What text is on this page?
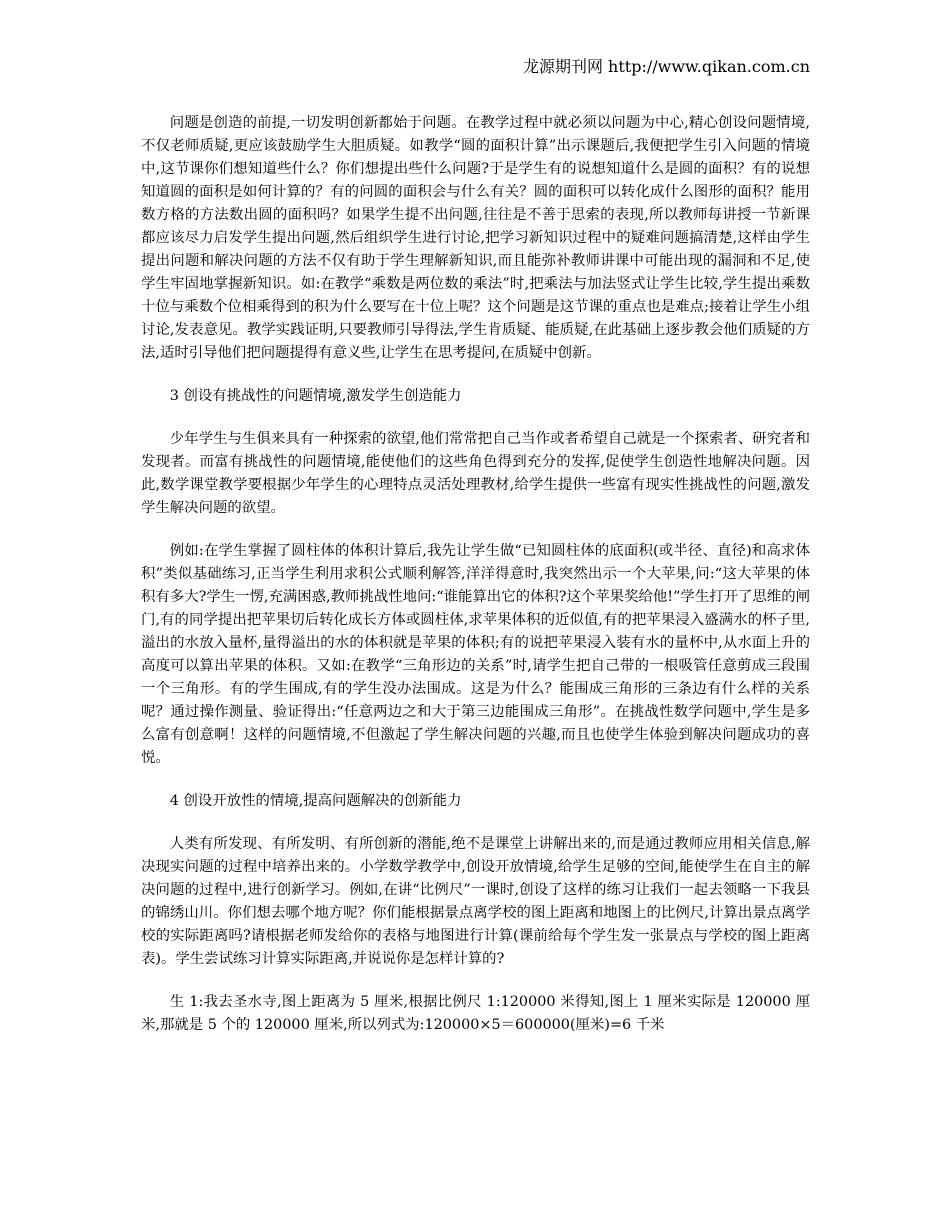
龙源期刊网 http://www.qikan.com.cn

问题是创造的前提,一切发明创新都始于问题。在教学过程中就必须以问题为中心,精心创设问题情境,不仅老师质疑,更应该鼓励学生大胆质疑。如教学“圆的面积计算”出示课题后,我便把学生引入问题的情境中,这节课你们想知道些什么？你们想提出些什么问题?于是学生有的说想知道什么是圆的面积？有的说想知道圆的面积是如何计算的？有的问圆的面积会与什么有关？圆的面积可以转化成什么图形的面积？能用数方格的方法数出圆的面积吗？如果学生提不出问题,往往是不善于思索的表现,所以教师每讲授一节新课都应该尽力启发学生提出问题,然后组织学生进行讨论,把学习新知识过程中的疑难问题搞清楚,这样由学生提出问题和解决问题的方法不仅有助于学生理解新知识,而且能弥补教师讲课中可能出现的漏洞和不足,使学生牢固地掌握新知识。如:在教学“乘数是两位数的乘法”时,把乘法与加法竖式让学生比较,学生提出乘数十位与乘数个位相乘得到的积为什么要写在十位上呢？这个问题是这节课的重点也是难点;接着让学生小组讨论,发表意见。教学实践证明,只要教师引导得法,学生肯质疑、能质疑,在此基础上逐步教会他们质疑的方法,适时引导他们把问题提得有意义些,让学生在思考提问,在质疑中创新。

3 创设有挑战性的问题情境,激发学生创造能力

少年学生与生俱来具有一种探索的欲望,他们常常把自己当作或者希望自己就是一个探索者、研究者和发现者。而富有挑战性的问题情境,能使他们的这些角色得到充分的发挥,促使学生创造性地解决问题。因此,数学课堂教学要根据少年学生的心理特点灵活处理教材,给学生提供一些富有现实性挑战性的问题,激发学生解决问题的欲望。

例如:在学生掌握了圆柱体的体积计算后,我先让学生做“已知圆柱体的底面积(或半径、直径)和高求体积”类似基础练习,正当学生利用求积公式顺利解答,洋洋得意时,我突然出示一个大苹果,问:“这大苹果的体积有多大?学生一愣,充满困惑,教师挑战性地问:“谁能算出它的体积?这个苹果奖给他!”学生打开了思维的闸门,有的同学提出把苹果切后转化成长方体或圆柱体,求苹果体积的近似值,有的把苹果浸入盛满水的杯子里,溢出的水放入量杯,量得溢出的水的体积就是苹果的体积;有的说把苹果浸入装有水的量杯中,从水面上升的高度可以算出苹果的体积。又如:在教学“三角形边的关系”时,请学生把自己带的一根吸管任意剪成三段围一个三角形。有的学生围成,有的学生没办法围成。这是为什么？能围成三角形的三条边有什么样的关系呢？通过操作测量、验证得出:“任意两边之和大于第三边能围成三角形”。在挑战性数学问题中,学生是多么富有创意啊！这样的问题情境,不但激起了学生解决问题的兴趣,而且也使学生体验到解决问题成功的喜悦。

4 创设开放性的情境,提高问题解决的创新能力

人类有所发现、有所发明、有所创新的潜能,绝不是课堂上讲解出来的,而是通过教师应用相关信息,解决现实问题的过程中培养出来的。小学数学教学中,创设开放情境,给学生足够的空间,能使学生在自主的解决问题的过程中,进行创新学习。例如,在讲“比例尺”一课时,创设了这样的练习让我们一起去领略一下我县的锦绣山川。你们想去哪个地方呢？你们能根据景点离学校的图上距离和地图上的比例尺,计算出景点离学校的实际距离吗?请根据老师发给你的表格与地图进行计算(课前给每个学生发一张景点与学校的图上距离表)。学生尝试练习计算实际距离,并说说你是怎样计算的?

生 1:我去圣水寺,图上距离为 5 厘米,根据比例尺 1:120000 米得知,图上 1 厘米实际是 120000 厘米,那就是 5 个的 120000 厘米,所以列式为:120000×5＝600000(厘米)=6 千米
